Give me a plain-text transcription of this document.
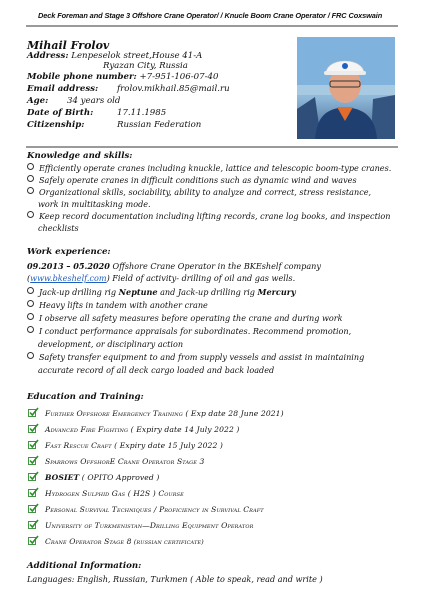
Deck Foreman and Stage 3 Offshore Crane Operator/ / Knucle Boom Crane Operator / FRC Coxswain
Mihail Frolov
Address: Lenpeselok street,House 41-A
Ryazan City, Russia
Mobile phone number: +7-951-106-07-40
Email address: frolov.mikhail.85@mail.ru
Age: 34 years old
Date of Birth:	17.11.1985
Citizenship:	Russian Federation
Knowledge and skills:
Efficiently operate cranes including knuckle, lattice and telescopic boom-type cranes.
Safely operate cranes in difficult conditions such as dynamic wind and waves
Organizational skills, sociability, ability to analyze and correct, stress resistance,
work in multitasking mode.
Keep record documentation including lifting records, crane log books, and inspection
checklists
Work experience:
09.2013 – 05.2020 Offshore Crane Operator in the BKEshelf company
(www.bkeshelf.com) Field of activity- drilling of oil and gas wells.
Jack-up drilling rig Neptune and Jack-up drilling rig Mercury
Heavy lifts in tandem with another crane
I observe all safety measures before operating the crane and during work
I conduct performance appraisals for subordinates. Recommend promotion,
development, or disciplinary action
Safety transfer equipment to and from supply vessels and assist in maintaining
accurate record of all deck cargo loaded and back loaded
Education and Training:
Further Offshore Emergency Training ( Exp date 28 June 2021)
Advanced Fire Fighting ( Expiry date 14 July 2022 )
Fast Rescue Craft ( Expiry date 15 July 2022 )
Sparrows OffshorE Crane Operator Stage 3
BOSIET ( OPITO Approved )
Hydrogen Sulphid Gas ( H2S ) Course
Personal Survival Techniques / Proficiency in Survival Craft
University of Turkmenistan—Drilling Equipment Operator
Crane Operator Stage 8 (russian certificate)
Additional Information:
Languages: English, Russian, Turkmen ( Able to speak, read and write )
